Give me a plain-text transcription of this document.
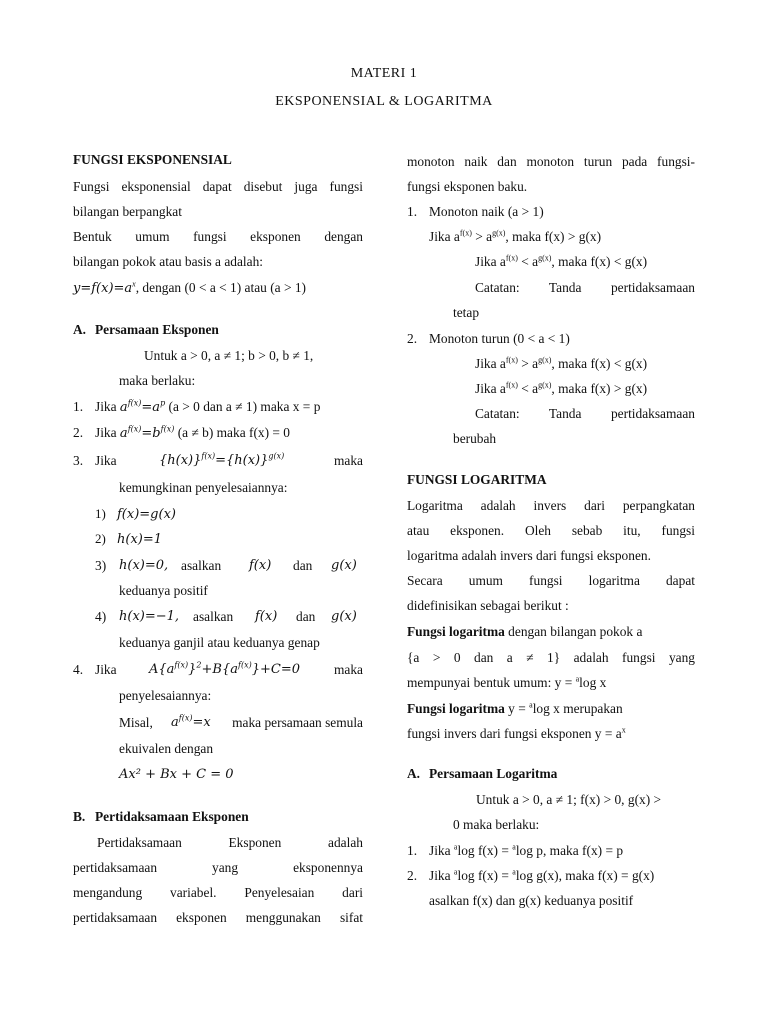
MATERI 1
EKSPONENSIAL & LOGARITMA
FUNGSI EKSPONENSIAL
Fungsi eksponensial dapat disebut juga fungsi
bilangan berpangkat
Bentuk umum fungsi eksponen dengan
bilangan pokok atau basis a adalah:
$y=f(x)=a^x$, dengan (0 < a < 1) atau (a > 1)
A. Persamaan Eksponen
Untuk a > 0, a ≠ 1; b > 0, b ≠ 1,
maka berlaku:
1. Jika $a^{f(x)}=a^p$ (a > 0 dan a ≠ 1) maka x = p
2. Jika $a^{f(x)}=b^{f(x)}$ (a ≠ b) maka f(x) = 0
3. Jika	$\{h(x)\}^{f(x)}=\{h(x)\}^{g(x)}$	maka
kemungkinan penyelesaiannya:
1) f(x)=g(x)
2) h(x)=1
3) h(x)=0, asalkan f(x) dan g(x)
keduanya positif
4) h(x)=−1, asalkan f(x) dan g(x)
keduanya ganjil atau keduanya genap
4. Jika $A\{a^{f(x)}\}^2+B\{a^{f(x)}\}+C=0$	maka
penyelesaiannya:
Misal, $a^{f(x)}=x$ maka persamaan semula
ekuivalen dengan
Ax² + Bx + C = 0
B. Pertidaksamaan Eksponen
Pertidaksamaan Eksponen adalah
pertidaksamaan yang eksponennya
mengandung variabel. Penyelesaian dari
pertidaksamaan eksponen menggunakan sifat
monoton naik dan monoton turun pada fungsi-
fungsi eksponen baku.
1. Monoton naik (a > 1)
Jika $a^{f(x)} > a^{g(x)}$, maka f(x) > g(x)
Jika $a^{f(x)} < a^{g(x)}$, maka f(x) < g(x)
Catatan: Tanda pertidaksamaan
tetap
2. Monoton turun (0 < a < 1)
Jika $a^{f(x)} > a^{g(x)}$, maka f(x) < g(x)
Jika $a^{f(x)} < a^{g(x)}$, maka f(x) > g(x)
Catatan: Tanda pertidaksamaan
berubah
FUNGSI LOGARITMA
Logaritma adalah invers dari perpangkatan
atau eksponen. Oleh sebab itu, fungsi
logaritma adalah invers dari fungsi eksponen.
Secara umum fungsi logaritma dapat
didefinisikan sebagai berikut :
Fungsi logaritma dengan bilangan pokok a
{a > 0 dan a ≠ 1} adalah fungsi yang
mempunyai bentuk umum: y = $^a$log x
Fungsi logaritma y = $^a$log x merupakan
fungsi invers dari fungsi eksponen $y = a^x$
A. Persamaan Logaritma
Untuk a > 0, a ≠ 1; f(x) > 0, g(x) >
0 maka berlaku:
1. Jika $^a$log f(x) = $^a$log p, maka f(x) = p
2. Jika $^a$log f(x) = $^a$log g(x), maka f(x) = g(x)
asalkan f(x) dan g(x) keduanya positif
